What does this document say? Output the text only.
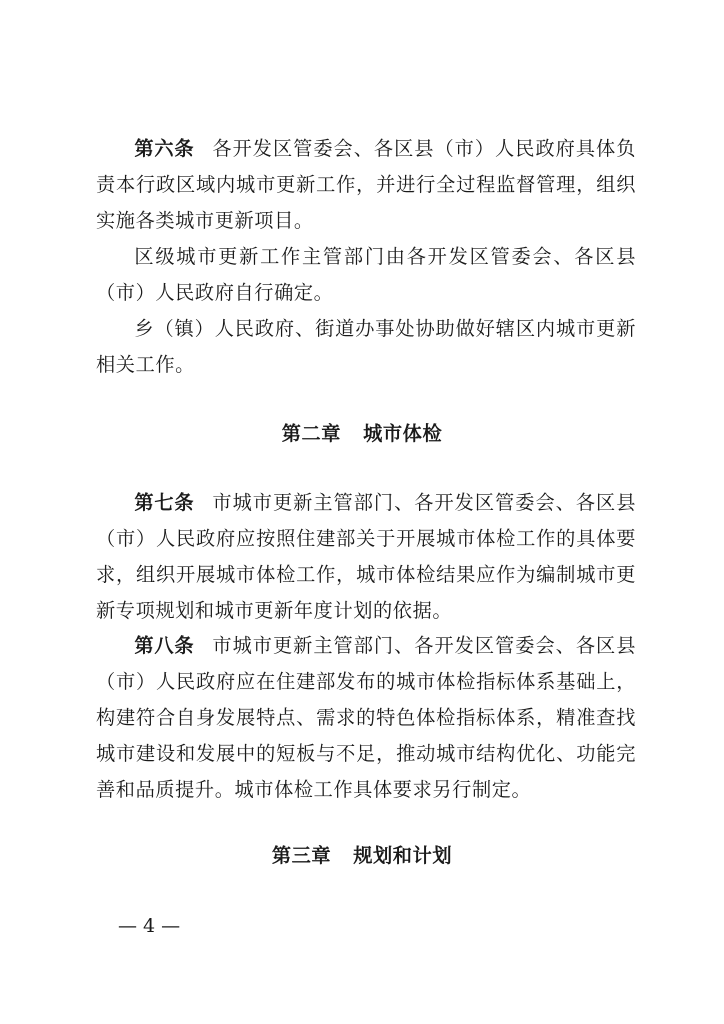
第六条 各开发区管委会、各区县（市）人民政府具体负责本行政区域内城市更新工作，并进行全过程监督管理，组织实施各类城市更新项目。

区级城市更新工作主管部门由各开发区管委会、各区县（市）人民政府自行确定。

乡（镇）人民政府、街道办事处协助做好辖区内城市更新相关工作。

第二章 城市体检

第七条 市城市更新主管部门、各开发区管委会、各区县（市）人民政府应按照住建部关于开展城市体检工作的具体要求，组织开展城市体检工作，城市体检结果应作为编制城市更新专项规划和城市更新年度计划的依据。

第八条 市城市更新主管部门、各开发区管委会、各区县（市）人民政府应在住建部发布的城市体检指标体系基础上，构建符合自身发展特点、需求的特色体检指标体系，精准查找城市建设和发展中的短板与不足，推动城市结构优化、功能完善和品质提升。城市体检工作具体要求另行制定。

第三章 规划和计划
— 4 —
